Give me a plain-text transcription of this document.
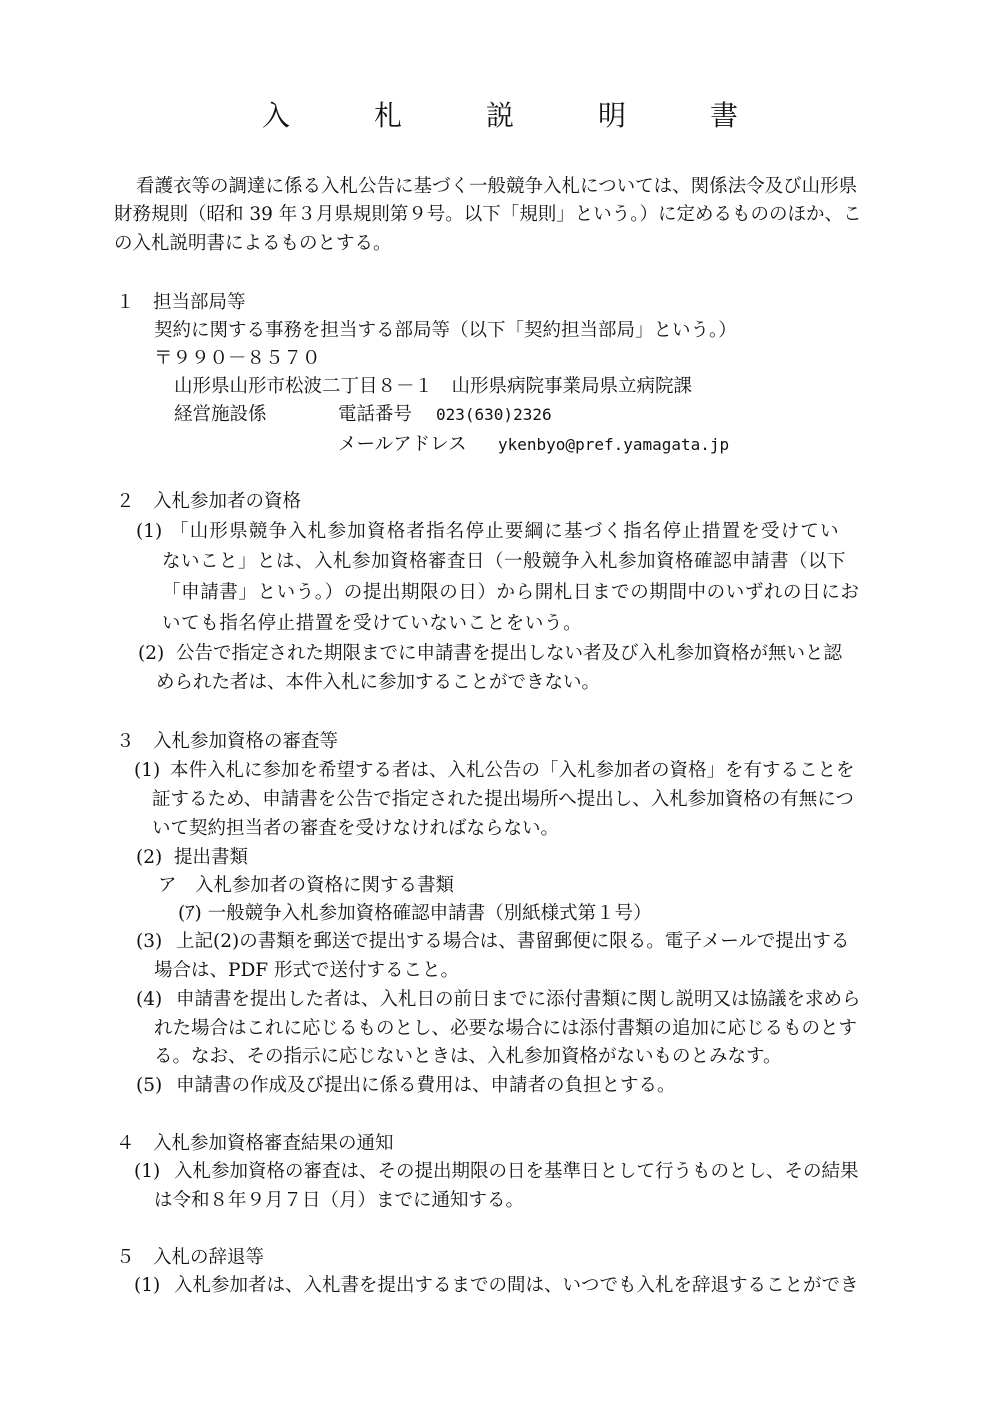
入　札　説　明　書
看護衣等の調達に係る入札公告に基づく一般競争入札については、関係法令及び山形県
財務規則（昭和 39 年３月県規則第９号。以下「規則」という。）に定めるもののほか、こ
の入札説明書によるものとする。
１　担当部局等
契約に関する事務を担当する部局等（以下「契約担当部局」という。）
〒９９０－８５７０
山形県山形市松波二丁目８－１　山形県病院事業局県立病院課
経営施設係	電話番号 023(630)2326
メールアドレス ykenbyo@pref.yamagata.jp
２　入札参加者の資格
(1) 「山形県競争入札参加資格者指名停止要綱に基づく指名停止措置を受けてい
ないこと」とは、入札参加資格審査日（一般競争入札参加資格確認申請書（以下
「申請書」という。）の提出期限の日）から開札日までの期間中のいずれの日にお
いても指名停止措置を受けていないことをいう。
(2) 公告で指定された期限までに申請書を提出しない者及び入札参加資格が無いと認
められた者は、本件入札に参加することができない。
３　入札参加資格の審査等
(1) 本件入札に参加を希望する者は、入札公告の「入札参加者の資格」を有することを
証するため、申請書を公告で指定された提出場所へ提出し、入札参加資格の有無につ
いて契約担当者の審査を受けなければならない。
(2) 提出書類
ア　入札参加者の資格に関する書類
(ｱ) 一般競争入札参加資格確認申請書（別紙様式第１号）
(3) 上記(2)の書類を郵送で提出する場合は、書留郵便に限る。電子メールで提出する
場合は、PDF 形式で送付すること。
(4) 申請書を提出した者は、入札日の前日までに添付書類に関し説明又は協議を求めら
れた場合はこれに応じるものとし、必要な場合には添付書類の追加に応じるものとす
る。なお、その指示に応じないときは、入札参加資格がないものとみなす。
(5) 申請書の作成及び提出に係る費用は、申請者の負担とする。
４　入札参加資格審査結果の通知
(1) 入札参加資格の審査は、その提出期限の日を基準日として行うものとし、その結果
は令和８年９月７日（月）までに通知する。
５　入札の辞退等
(1) 入札参加者は、入札書を提出するまでの間は、いつでも入札を辞退することができ
